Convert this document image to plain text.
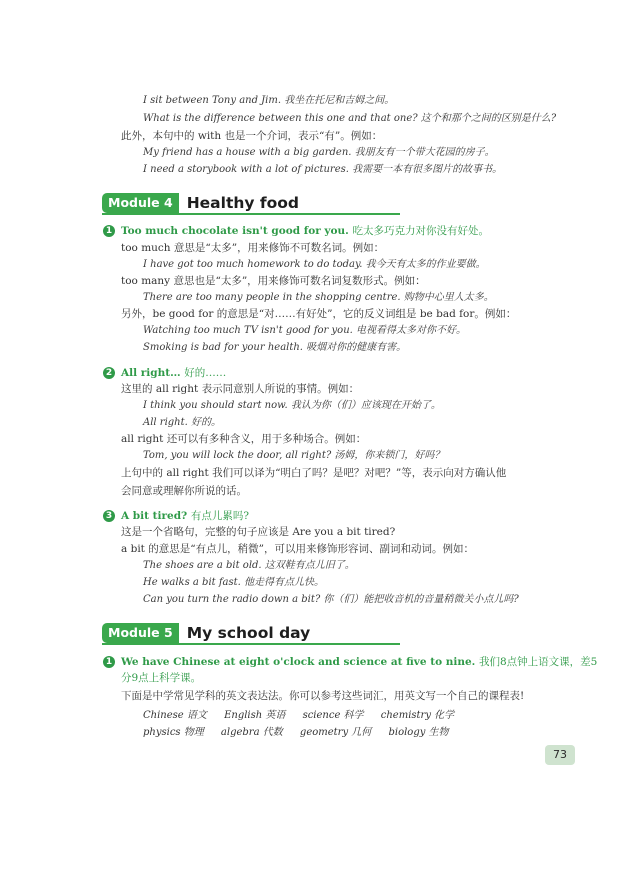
I sit between Tony and Jim. 我坐在托尼和吉姆之间。

What is the difference between this one and that one? 这个和那个之间的区别是什么?

此外，本句中的 with 也是一个介词，表示“有”。例如：

My friend has a house with a big garden. 我朋友有一个带大花园的房子。

I need a storybook with a lot of pictures. 我需要一本有很多图片的故事书。

Module 4 Healthy food
1 Too much chocolate isn't good for you. 吃太多巧克力对你没有好处。

too much 意思是“太多”，用来修饰不可数名词。例如：

I have got too much homework to do today. 我今天有太多的作业要做。

too many 意思也是“太多”，用来修饰可数名词复数形式。例如：

There are too many people in the shopping centre. 购物中心里人太多。

另外，be good for 的意思是“对……有好处”，它的反义词组是 be bad for。例如：

Watching too much TV isn't good for you. 电视看得太多对你不好。

Smoking is bad for your health. 吸烟对你的健康有害。

2 All right… 好的……

这里的 all right 表示同意别人所说的事情。例如：

I think you should start now. 我认为你（们）应该现在开始了。

All right. 好的。

all right 还可以有多种含义，用于多种场合。例如：

Tom, you will lock the door, all right? 汤姆，你来锁门，好吗？

上句中的 all right 我们可以译为“明白了吗？是吧？对吧？”等，表示向对方确认他

会同意或理解你所说的话。

3 A bit tired? 有点儿累吗?

这是一个省略句，完整的句子应该是 Are you a bit tired?

a bit 的意思是“有点儿，稍微”，可以用来修饰形容词、副词和动词。例如：

The shoes are a bit old. 这双鞋有点儿旧了。

He walks a bit fast. 他走得有点儿快。

Can you turn the radio down a bit? 你（们）能把收音机的音量稍微关小点儿吗?

Module 5 My school day
1 We have Chinese at eight o'clock and science at five to nine. 我们8点钟上语文课，差5

分9点上科学课。

下面是中学常见学科的英文表达法。你可以参考这些词汇，用英文写一个自己的课程表!

Chinese 语文 English 英语 science 科学 chemistry 化学
physics 物理 algebra 代数 geometry 几何 biology 生物
73
